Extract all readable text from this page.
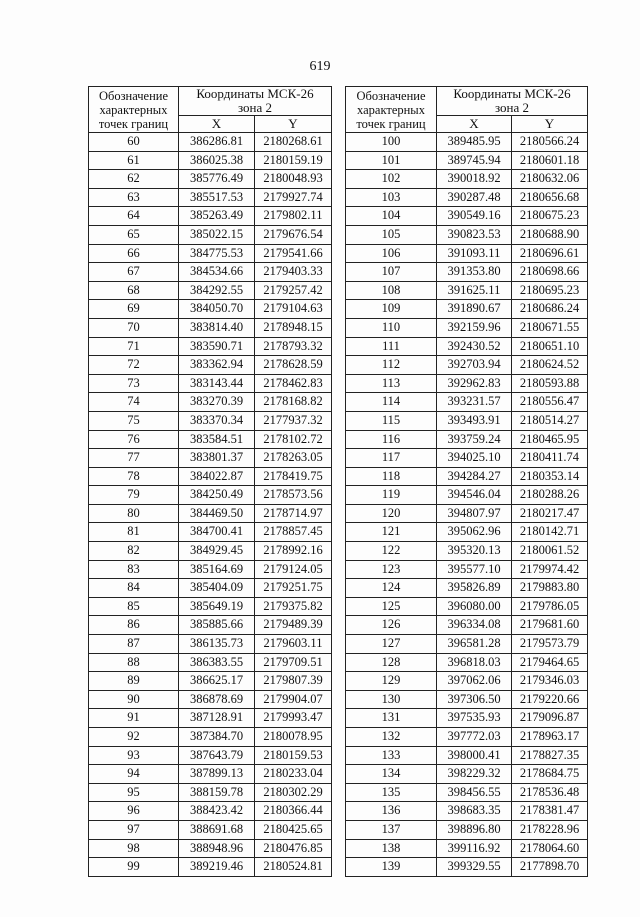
619
Обозначение
характерных
точек границ	Координаты МСК-26
зона 2	
	X	Y
60	386286.81	2180268.61
61	386025.38	2180159.19
62	385776.49	2180048.93
63	385517.53	2179927.74
64	385263.49	2179802.11
65	385022.15	2179676.54
66	384775.53	2179541.66
67	384534.66	2179403.33
68	384292.55	2179257.42
69	384050.70	2179104.63
70	383814.40	2178948.15
71	383590.71	2178793.32
72	383362.94	2178628.59
73	383143.44	2178462.83
74	383270.39	2178168.82
75	383370.34	2177937.32
76	383584.51	2178102.72
77	383801.37	2178263.05
78	384022.87	2178419.75
79	384250.49	2178573.56
80	384469.50	2178714.97
81	384700.41	2178857.45
82	384929.45	2178992.16
83	385164.69	2179124.05
84	385404.09	2179251.75
85	385649.19	2179375.82
86	385885.66	2179489.39
87	386135.73	2179603.11
88	386383.55	2179709.51
89	386625.17	2179807.39
90	386878.69	2179904.07
91	387128.91	2179993.47
92	387384.70	2180078.95
93	387643.79	2180159.53
94	387899.13	2180233.04
95	388159.78	2180302.29
96	388423.42	2180366.44
97	388691.68	2180425.65
98	388948.96	2180476.85
99	389219.46	2180524.81
Обозначение
характерных
точек границ	Координаты МСК-26
зона 2	
	X	Y
100	389485.95	2180566.24
101	389745.94	2180601.18
102	390018.92	2180632.06
103	390287.48	2180656.68
104	390549.16	2180675.23
105	390823.53	2180688.90
106	391093.11	2180696.61
107	391353.80	2180698.66
108	391625.11	2180695.23
109	391890.67	2180686.24
110	392159.96	2180671.55
111	392430.52	2180651.10
112	392703.94	2180624.52
113	392962.83	2180593.88
114	393231.57	2180556.47
115	393493.91	2180514.27
116	393759.24	2180465.95
117	394025.10	2180411.74
118	394284.27	2180353.14
119	394546.04	2180288.26
120	394807.97	2180217.47
121	395062.96	2180142.71
122	395320.13	2180061.52
123	395577.10	2179974.42
124	395826.89	2179883.80
125	396080.00	2179786.05
126	396334.08	2179681.60
127	396581.28	2179573.79
128	396818.03	2179464.65
129	397062.06	2179346.03
130	397306.50	2179220.66
131	397535.93	2179096.87
132	397772.03	2178963.17
133	398000.41	2178827.35
134	398229.32	2178684.75
135	398456.55	2178536.48
136	398683.35	2178381.47
137	398896.80	2178228.96
138	399116.92	2178064.60
139	399329.55	2177898.70
